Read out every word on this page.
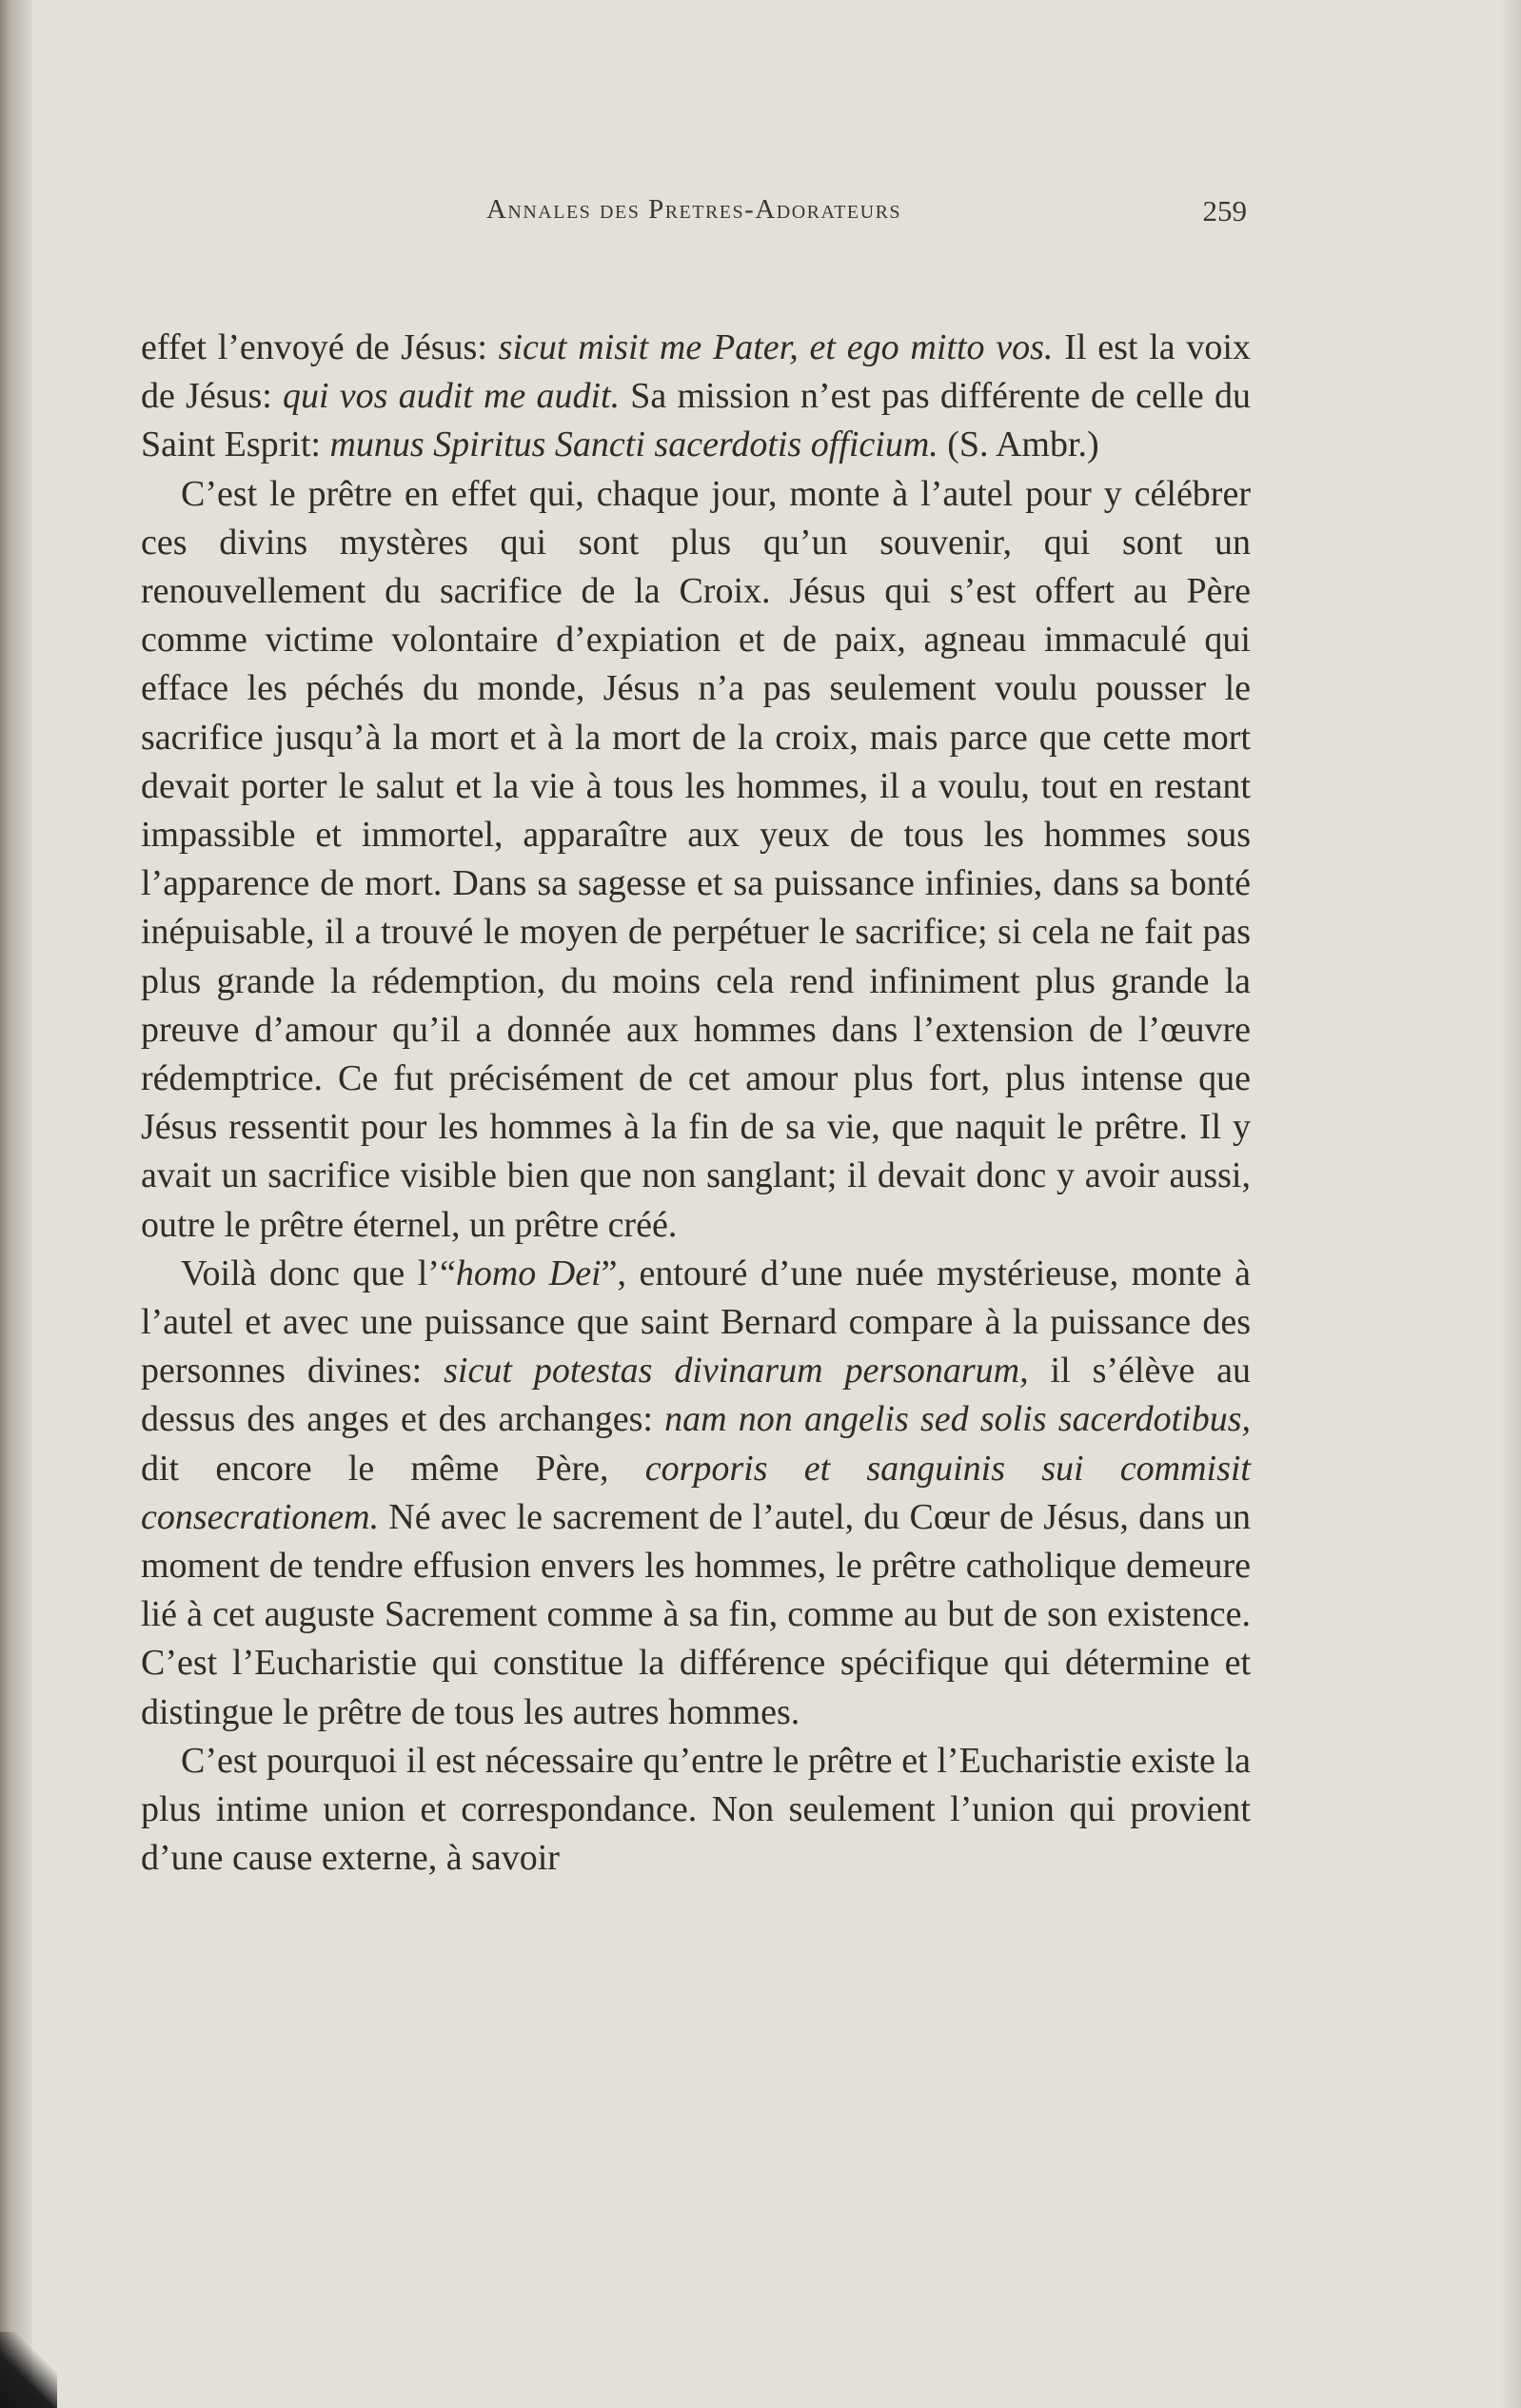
Annales des Pretres-Adorateurs	259

effet l’envoyé de Jésus: sicut misit me Pater, et ego mitto vos. Il est la voix de Jésus: qui vos audit me audit. Sa mission n’est pas différente de celle du Saint Esprit: munus Spiritus Sancti sacerdotis officium. (S. Ambr.)

C’est le prêtre en effet qui, chaque jour, monte à l’autel pour y célébrer ces divins mystères qui sont plus qu’un souvenir, qui sont un renouvellement du sacrifice de la Croix. Jésus qui s’est offert au Père comme victime volontaire d’expiation et de paix, agneau immaculé qui efface les péchés du monde, Jésus n’a pas seulement voulu pousser le sacrifice jusqu’à la mort et à la mort de la croix, mais parce que cette mort devait porter le salut et la vie à tous les hommes, il a voulu, tout en restant impassible et immortel, apparaître aux yeux de tous les hommes sous l’apparence de mort. Dans sa sagesse et sa puissance infinies, dans sa bonté inépuisable, il a trouvé le moyen de perpétuer le sacrifice; si cela ne fait pas plus grande la rédemption, du moins cela rend infiniment plus grande la preuve d’amour qu’il a donnée aux hommes dans l’extension de l’œuvre rédemptrice. Ce fut précisément de cet amour plus fort, plus intense que Jésus ressentit pour les hommes à la fin de sa vie, que naquit le prêtre. Il y avait un sacrifice visible bien que non sanglant; il devait donc y avoir aussi, outre le prêtre éternel, un prêtre créé.

Voilà donc que l’“homo Dei”, entouré d’une nuée mystérieuse, monte à l’autel et avec une puissance que saint Bernard compare à la puissance des personnes divines: sicut potestas divinarum personarum, il s’élève au dessus des anges et des archanges: nam non angelis sed solis sacerdotibus, dit encore le même Père, corporis et sanguinis sui commisit consecrationem. Né avec le sacrement de l’autel, du Cœur de Jésus, dans un moment de tendre effusion envers les hommes, le prêtre catholique demeure lié à cet auguste Sacrement comme à sa fin, comme au but de son existence. C’est l’Eucharistie qui constitue la différence spécifique qui détermine et distingue le prêtre de tous les autres hommes.

C’est pourquoi il est nécessaire qu’entre le prêtre et l’Eucharistie existe la plus intime union et correspondance. Non seulement l’union qui provient d’une cause externe, à savoir
